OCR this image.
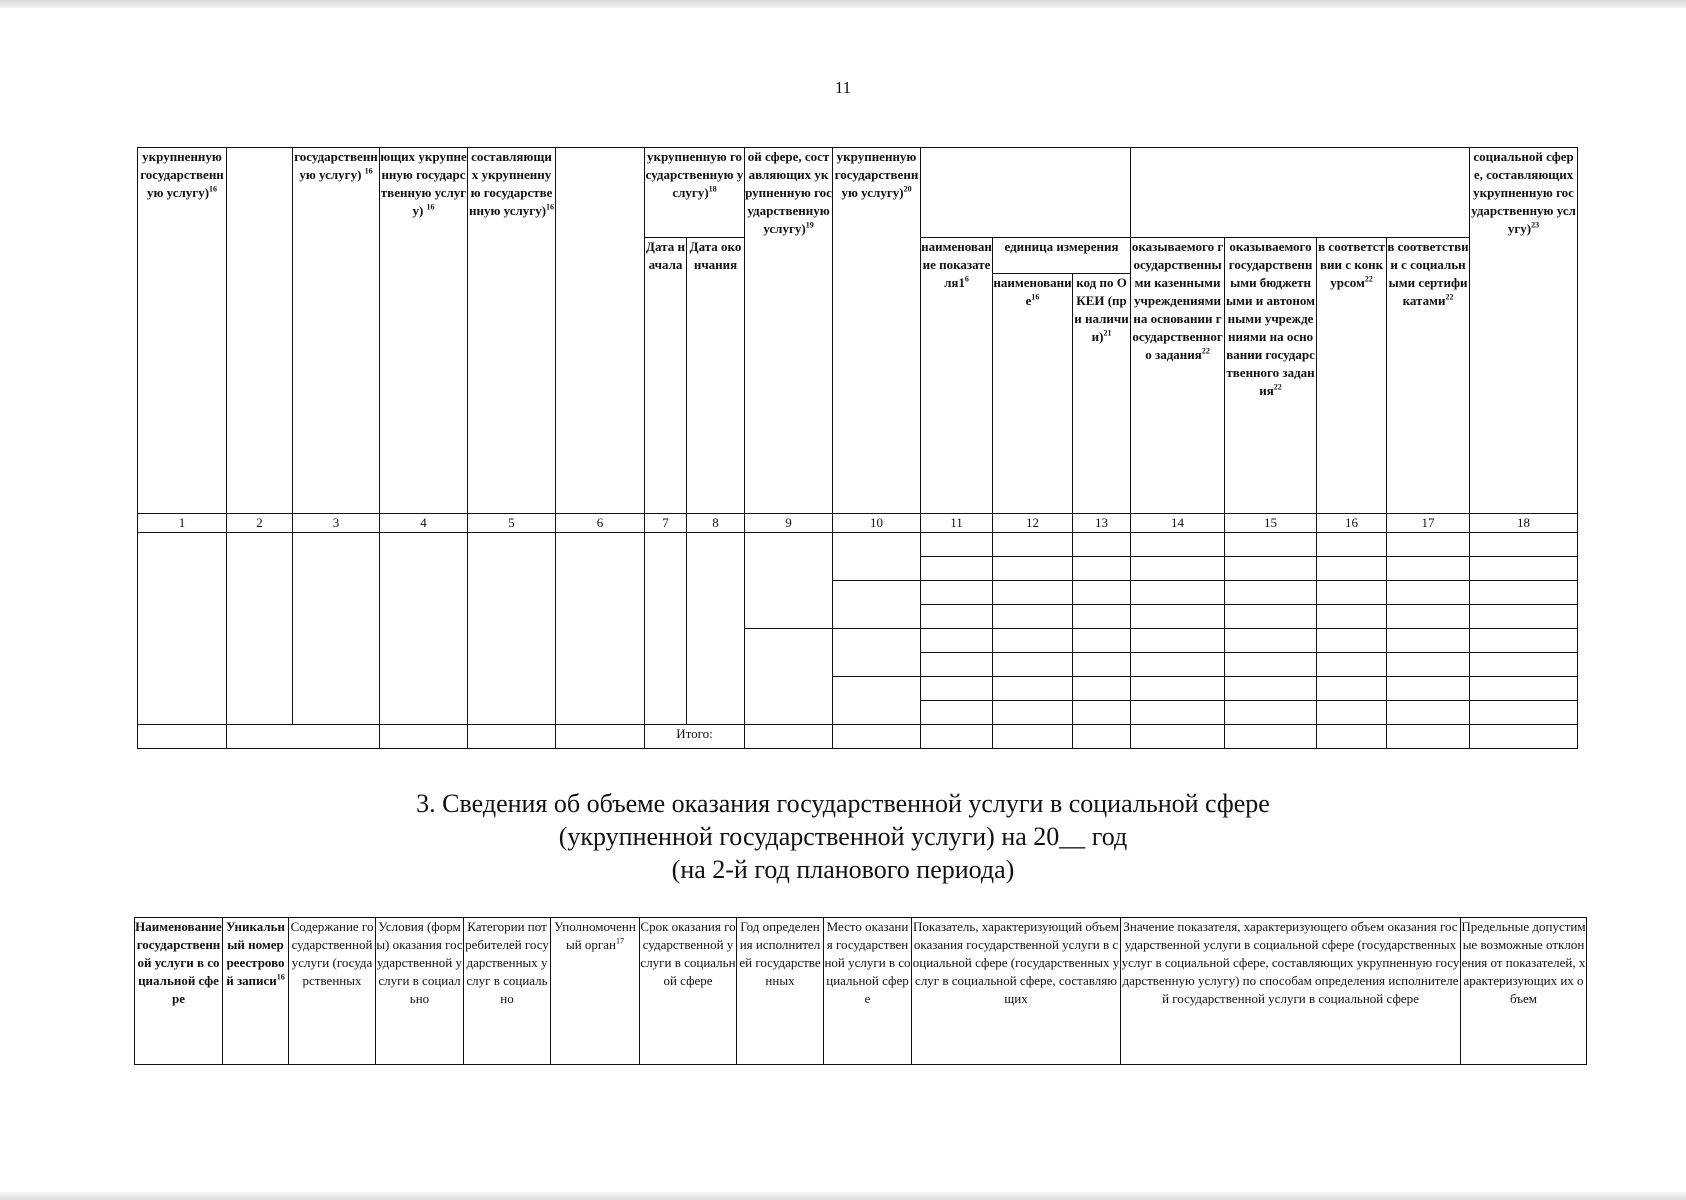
11
укрупненную государственную услугу)$^{16}$		государственную услугу) $^{16}$	ющих укрупненную государственную услугу) $^{16}$	составляющих укрупненную государственную услугу)$^{16}$		укрупненную государственную услугу)$^{18}$		ой сфере, составляющих укрупненную государственную услугу)$^{19}$	укрупненную государственную услугу)$^{20}$								социальной сфере, составляющих укрупненную государственную услугу)$^{23}$
						Дата начала	Дата окончания			наименование $показателя1^6$	единица измерения		оказываемого государственными казенными учреждениями на основании государственного задания$^{22}$	оказываемого государственными бюджетными и автономными учреждениями на основании государственного задания$^{22}$	в соответствии с конкурсом$^{22}$	в соответствии с социальными сертификатами$^{22}$
											наименование$^{16}$	код по ОКЕИ (при наличии)$^{21}$
1	2	3	4	5	6	7	8	9	10	11	12	13	14	15	16	17	18

						Итого:											
3. Сведения об объеме оказания государственной услуги в социальной сфере
(укрупненной государственной услуги) на 20__ год
(на 2-й год планового периода)
Наименование государственной услуги в социальной сфере	Уникальный номер реестровой записи$^{16}$	Содержание государственной услуги (государственных	Условия (формы) оказания государственной услуги в социально	Категории потребителей государственных услуг в социально	Уполномоченный орган$^{17}$	Срок оказания государственной услуги в социальной сфере	Год определения исполнителей государственных	Место оказания государственной услуги в социальной сфере	Показатель, характеризующий объем оказания государственной услуги в социальной сфере (государственных услуг в социальной сфере, составляющих	Значение показателя, характеризующего объем оказания государственной услуги в социальной сфере (государственных услуг в социальной сфере, составляющих укрупненную государственную услугу) по способам определения исполнителей государственной услуги в социальной сфере	Предельные допустимые возможные отклонения от показателей, характеризующих их объем
